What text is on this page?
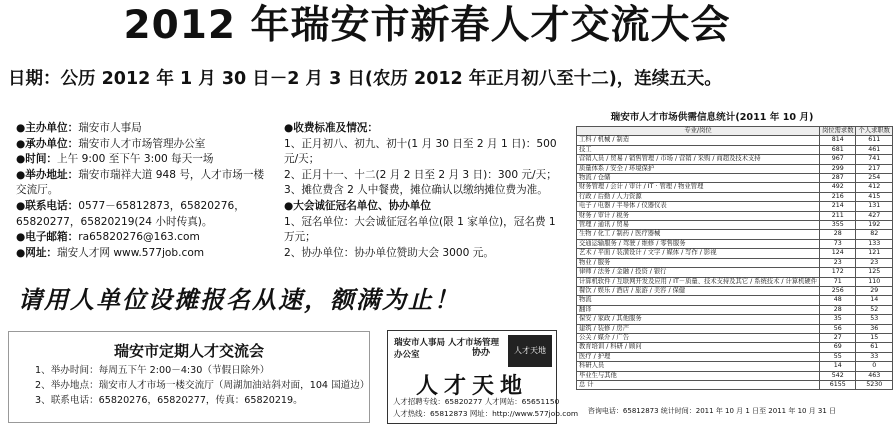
2012 年瑞安市新春人才交流大会
日期：公历 2012 年 1 月 30 日－2 月 3 日(农历 2012 年正月初八至十二)，连续五天。

●主办单位：瑞安市人事局

●承办单位：瑞安市人才市场管理办公室

●时间：上午 9:00 至下午 3:00 每天一场

●举办地址：瑞安市瑞祥大道 948 号，人才市场一楼交流厅。

●联系电话：0577－65812873，65820276，65820277，65820219(24 小时传真)。

●电子邮箱：ra65820276@163.com

●网址：瑞安人才网 www.577job.com

●收费标准及情况：

1、正月初八、初九、初十(1 月 30 日至 2 月 1 日)：500 元/天；

2、正月十一、十二(2 月 2 日至 2 月 3 日)：300 元/天；

3、摊位费含 2 人中餐费，摊位确认以缴纳摊位费为准。

●大会诚征冠名单位、协办单位

1、冠名单位：大会诚征冠名单位(限 1 家单位)，冠名费 1 万元；

2、协办单位：协办单位赞助大会 3000 元。

请用人单位设摊报名从速，额满为止！
瑞安市定期人才交流会
1、举办时间：每周五下午 2:00－4:30（节假日除外）
2、举办地点：瑞安市人才市场一楼交流厅（周湖加油站斜对面，104 国道边）
3、联系电话：65820276，65820277，传真：65820219。
瑞安市人事局 人才市场管理办公室	协办	人才天地
人才天地
人才招聘专线：65820277 人才网站：65651150
人才热线：65812873 网址：http://www.577job.com
瑞安市人才市场供需信息统计(2011 年 10 月)
专业/岗位	岗位需求数	个人求职数
工科 / 机械 / 制造	814	611
技工	681	461
营销人员 / 贸易 / 销售管理 / 市场 / 营销 / 采购 / 商超及技术支持	967	741
质量体系 / 安全 / 环境保护	299	217
物流 / 仓储	287	254
财务管理 / 会计 / 审计 / IT · 管理 / 物业管理	492	412
行政 / 后勤 / 人力资源	216	415
电子 / 电器 / 半导体 / 仪器仪表	214	131
财务 / 审计 / 税务	211	427
管理 / 通讯 / 贸易	355	192
生物 / 化工 / 制药 / 医疗器械	28	82
交通运输服务 / 驾驶 / 维修 / 零售服务	73	133
艺术 / 平面 / 装潢设计 / 文字 / 媒体 / 写作 / 影视	124	121
物业 / 服务	23	23
律师 / 法务 / 金融 / 投资 / 银行	172	125
计算机软件 / 互联网开发及应用 / IT－质量、技术支持及其它 / 系统技术 / 计算机硬件	71	110
餐饮 / 娱乐 / 酒店 / 旅游 / 美容 / 保健	256	29
物流	48	14
翻译	28	52
保安 / 家政 / 其他服务	35	53
建筑 / 装修 / 房产	56	36
公关 / 媒介 / 广告	27	15
教育培训 / 科研 / 顾问	69	61
医疗 / 护理	55	33
科研人员	14	0
毕业生与其他	542	463
总 计	6155	5230
咨询电话：65812873 统计时间：2011 年 10 月 1 日至 2011 年 10 月 31 日
